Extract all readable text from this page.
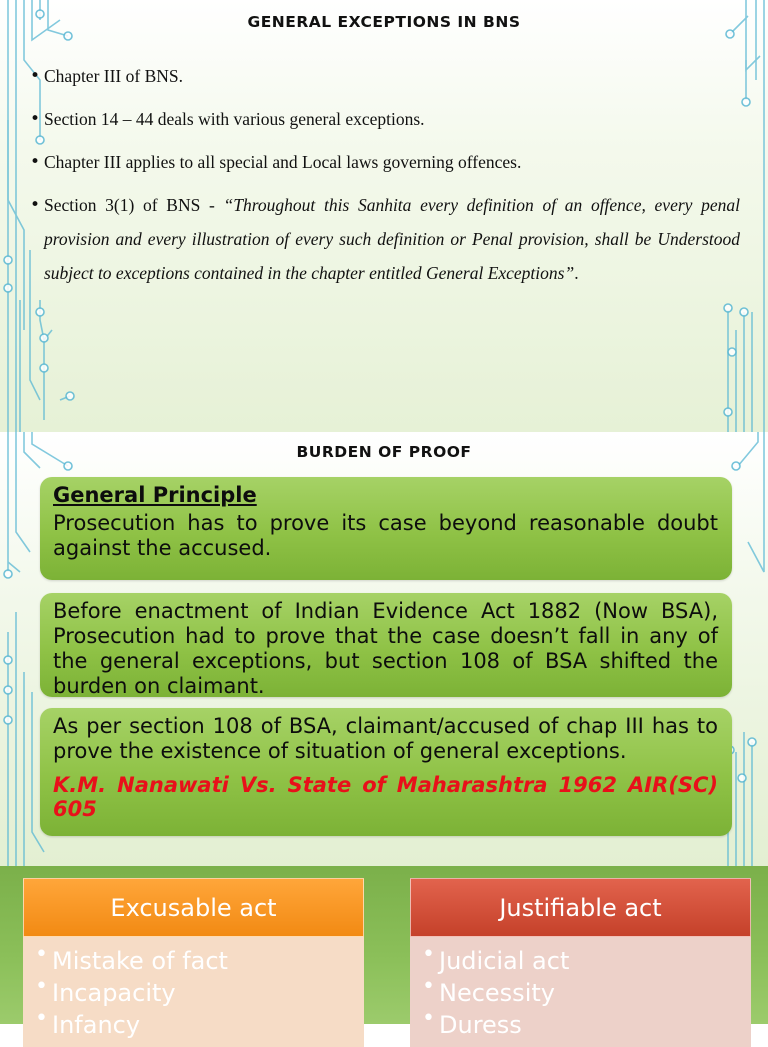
GENERAL EXCEPTIONS IN BNS
• Chapter III of BNS.
• Section 14 – 44 deals with various general exceptions.
• Chapter III applies to all special and Local laws governing offences.
• Section 3(1) of BNS - “Throughout this Sanhita every definition of an offence, every penal provision and every illustration of every such definition or Penal provision, shall be Understood subject to exceptions contained in the chapter entitled General Exceptions”.
BURDEN OF PROOF
General Principle
Prosecution has to prove its case beyond reasonable doubt against the accused.
Before enactment of Indian Evidence Act 1882 (Now BSA), Prosecution had to prove that the case doesn’t fall in any of the general exceptions, but section 108 of BSA shifted the burden on claimant.
As per section 108 of BSA, claimant/accused of chap III has to prove the existence of situation of general exceptions.
K.M. Nanawati Vs. State of Maharashtra 1962 AIR(SC) 605
Excusable act
• Mistake of fact
• Incapacity
• Infancy
Justifiable act
• Judicial act
• Necessity
• Duress
